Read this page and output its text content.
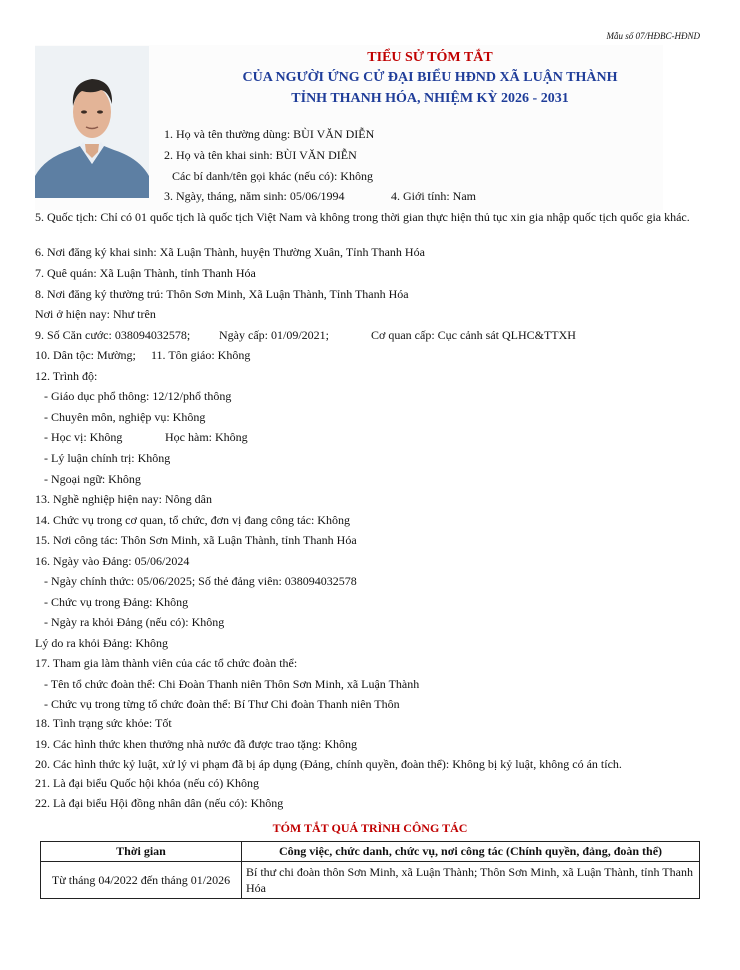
Mẫu số 07/HĐBC-HĐND
TIỂU SỬ TÓM TẮT
CỦA NGƯỜI ỨNG CỬ ĐẠI BIỂU HĐND XÃ LUẬN THÀNH
TỈNH THANH HÓA, NHIỆM KỲ 2026 - 2031
1. Họ và tên thường dùng: BÙI VĂN DIỄN
2. Họ và tên khai sinh: BÙI VĂN DIỄN
Các bí danh/tên gọi khác (nếu có): Không
3. Ngày, tháng, năm sinh: 05/06/1994	4. Giới tính: Nam
5. Quốc tịch: Chỉ có 01 quốc tịch là quốc tịch Việt Nam và không trong thời gian thực hiện thủ tục xin gia nhập quốc tịch quốc gia khác.
6. Nơi đăng ký khai sinh: Xã Luận Thành, huyện Thường Xuân, Tỉnh Thanh Hóa
7. Quê quán: Xã Luận Thành, tỉnh Thanh Hóa
8. Nơi đăng ký thường trú: Thôn Sơn Minh, Xã Luận Thành, Tỉnh Thanh Hóa
Nơi ở hiện nay: Như trên
9. Số Căn cước: 038094032578; Ngày cấp: 01/09/2021;	Cơ quan cấp: Cục cảnh sát QLHC&TTXH
10. Dân tộc: Mường; 11. Tôn giáo: Không
12. Trình độ:
- Giáo dục phổ thông: 12/12/phổ thông
- Chuyên môn, nghiệp vụ: Không
- Học vị: Không	Học hàm: Không
- Lý luận chính trị: Không
- Ngoại ngữ: Không
13. Nghề nghiệp hiện nay: Nông dân
14. Chức vụ trong cơ quan, tổ chức, đơn vị đang công tác: Không
15. Nơi công tác: Thôn Sơn Minh, xã Luận Thành, tỉnh Thanh Hóa
16. Ngày vào Đảng: 05/06/2024
- Ngày chính thức: 05/06/2025; Số thẻ đảng viên: 038094032578
- Chức vụ trong Đảng: Không
- Ngày ra khỏi Đảng (nếu có): Không
Lý do ra khỏi Đảng: Không
17. Tham gia làm thành viên của các tổ chức đoàn thể:
- Tên tổ chức đoàn thể: Chi Đoàn Thanh niên Thôn Sơn Minh, xã Luận Thành
- Chức vụ trong từng tổ chức đoàn thể: Bí Thư Chi đoàn Thanh niên Thôn
18. Tình trạng sức khỏe: Tốt
19. Các hình thức khen thưởng nhà nước đã được trao tặng: Không
20. Các hình thức kỷ luật, xử lý vi phạm đã bị áp dụng (Đảng, chính quyền, đoàn thể): Không bị kỷ luật, không có án tích.
21. Là đại biểu Quốc hội khóa (nếu có) Không
22. Là đại biểu Hội đồng nhân dân (nếu có): Không
TÓM TẮT QUÁ TRÌNH CÔNG TÁC
Thời gian	Công việc, chức danh, chức vụ, nơi công tác (Chính quyền, đảng, đoàn thể)
Từ tháng 04/2022 đến tháng 01/2026	Bí thư chi đoàn thôn Sơn Minh, xã Luận Thành; Thôn Sơn Minh, xã Luận Thành, tỉnh Thanh Hóa
